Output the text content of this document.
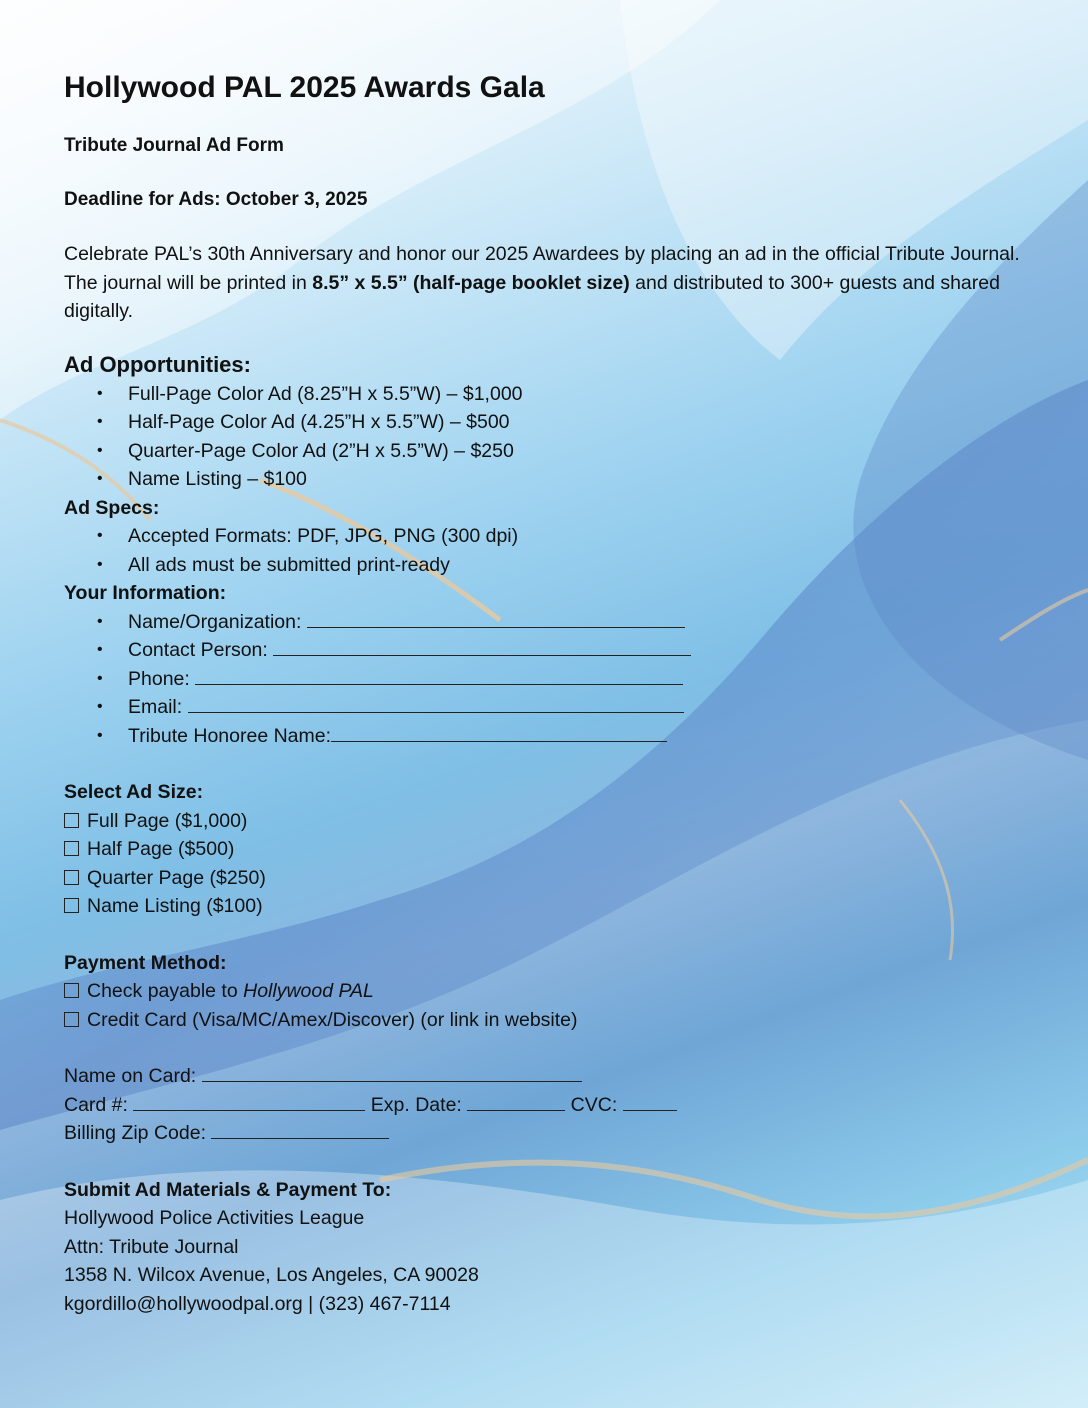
Hollywood PAL 2025 Awards Gala

Tribute Journal Ad Form

Deadline for Ads: October 3, 2025

Celebrate PAL’s 30th Anniversary and honor our 2025 Awardees by placing an ad in the official Tribute Journal. The journal will be printed in 8.5” x 5.5” (half-page booklet size) and distributed to 300+ guests and shared digitally.

Ad Opportunities:
• Full-Page Color Ad (8.25”H x 5.5”W) – $1,000
• Half-Page Color Ad (4.25”H x 5.5”W) – $500
• Quarter-Page Color Ad (2”H x 5.5”W) – $250
• Name Listing – $100
Ad Specs:
• Accepted Formats: PDF, JPG, PNG (300 dpi)
• All ads must be submitted print-ready
Your Information:
• Name/Organization:
• Contact Person:
• Phone:
• Email:
• Tribute Honoree Name:
Select Ad Size:
Full Page ($1,000)
Half Page ($500)
Quarter Page ($250)
Name Listing ($100)
Payment Method:
Check payable to Hollywood PAL
Credit Card (Visa/MC/Amex/Discover) (or link in website)
Name on Card:
Card #:	Exp. Date:	CVC:
Billing Zip Code:
Submit Ad Materials & Payment To:
Hollywood Police Activities League
Attn: Tribute Journal
1358 N. Wilcox Avenue, Los Angeles, CA 90028
kgordillo@hollywoodpal.org | (323) 467-7114
